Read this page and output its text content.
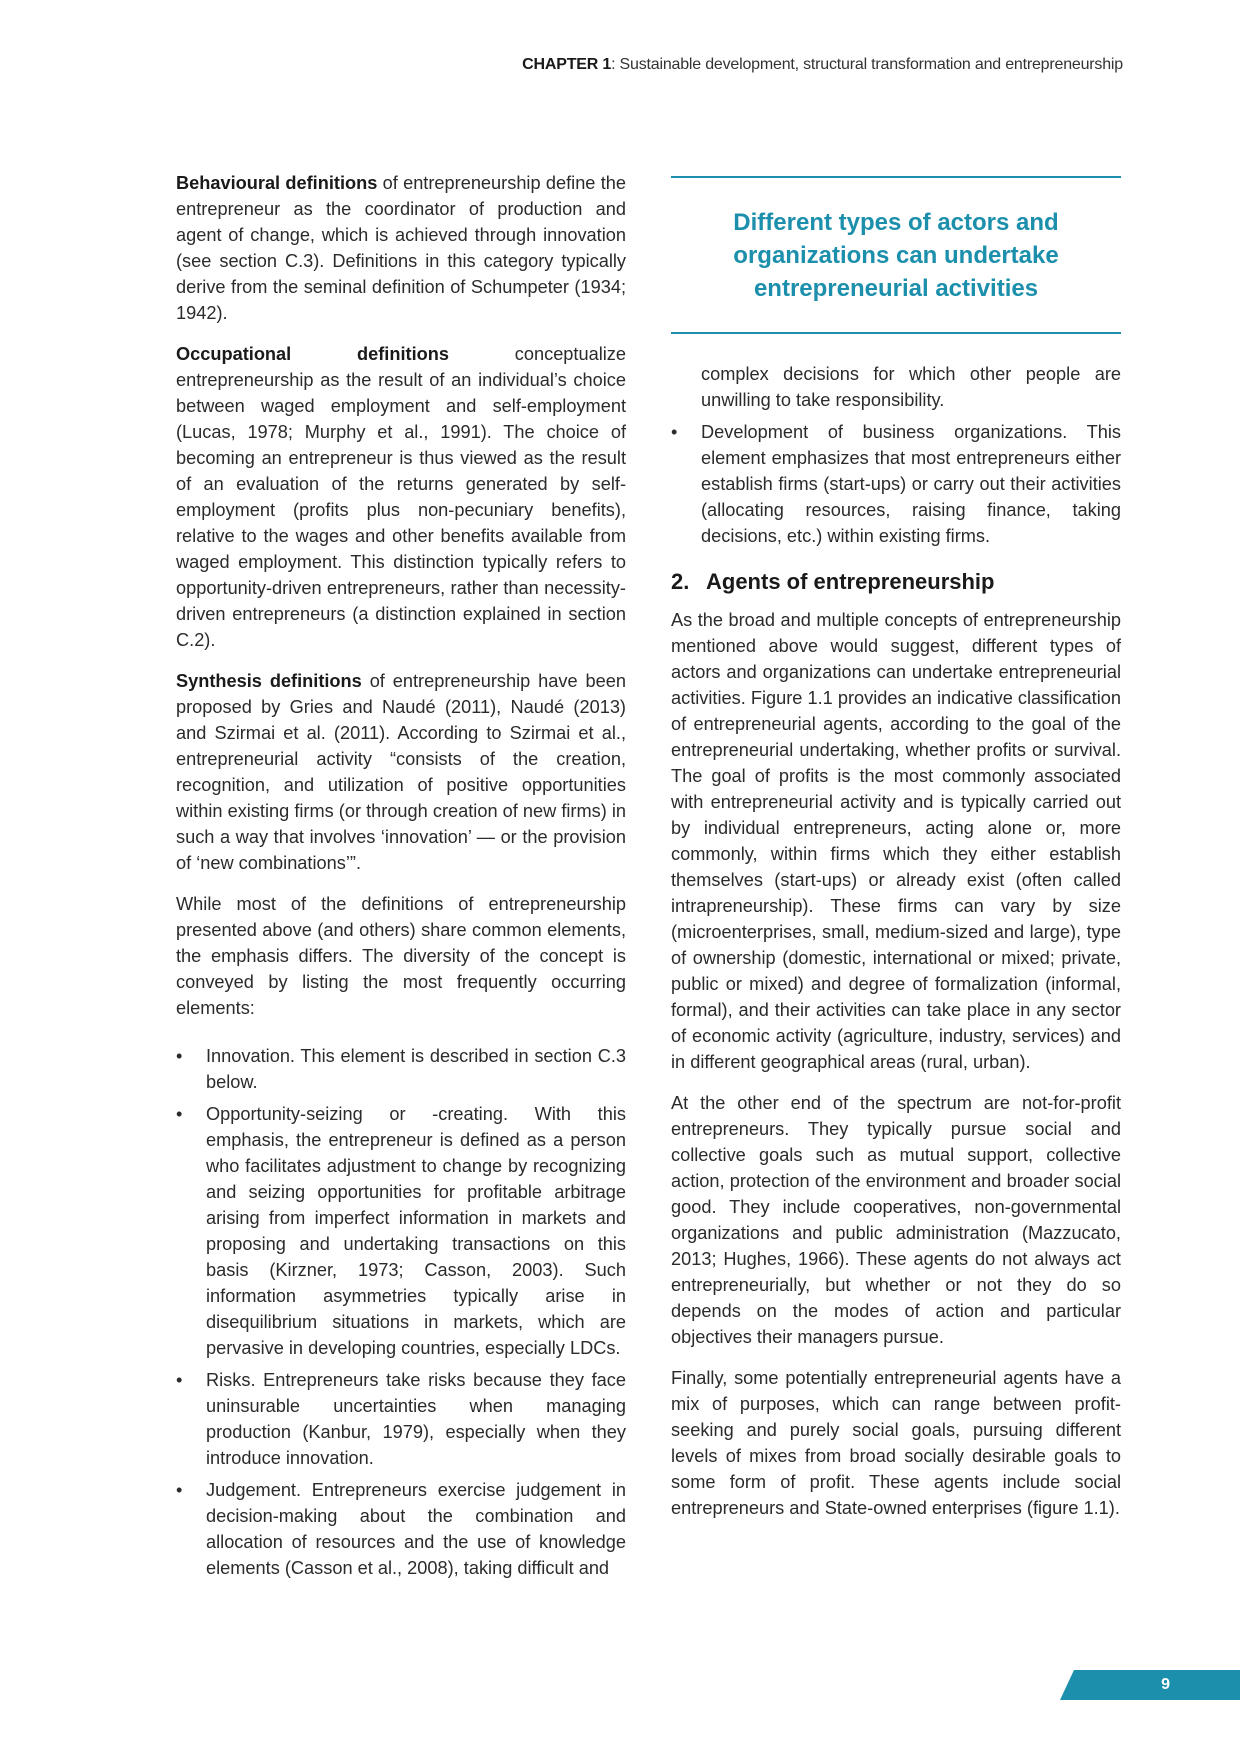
CHAPTER 1: Sustainable development, structural transformation and entrepreneurship

Behavioural definitions of entrepreneurship define the entrepreneur as the coordinator of production and agent of change, which is achieved through innovation (see section C.3). Definitions in this category typically derive from the seminal definition of Schumpeter (1934; 1942).

Occupational definitions conceptualize entrepreneurship as the result of an individual’s choice between waged employment and self-employment (Lucas, 1978; Murphy et al., 1991). The choice of becoming an entrepreneur is thus viewed as the result of an evaluation of the returns generated by self-employment (profits plus non-pecuniary benefits), relative to the wages and other benefits available from waged employment. This distinction typically refers to opportunity-driven entrepreneurs, rather than necessity-driven entrepreneurs (a distinction explained in section C.2).

Synthesis definitions of entrepreneurship have been proposed by Gries and Naudé (2011), Naudé (2013) and Szirmai et al. (2011). According to Szirmai et al., entrepreneurial activity “consists of the creation, recognition, and utilization of positive opportunities within existing firms (or through creation of new firms) in such a way that involves ‘innovation’ — or the provision of ‘new combinations’”.

While most of the definitions of entrepreneurship presented above (and others) share common elements, the emphasis differs. The diversity of the concept is conveyed by listing the most frequently occurring elements:

• Innovation. This element is described in section C.3 below.
• Opportunity-seizing or -creating. With this emphasis, the entrepreneur is defined as a person who facilitates adjustment to change by recognizing and seizing opportunities for profitable arbitrage arising from imperfect information in markets and proposing and undertaking transactions on this basis (Kirzner, 1973; Casson, 2003). Such information asymmetries typically arise in disequilibrium situations in markets, which are pervasive in developing countries, especially LDCs.
• Risks. Entrepreneurs take risks because they face uninsurable uncertainties when managing production (Kanbur, 1979), especially when they introduce innovation.
• Judgement. Entrepreneurs exercise judgement in decision-making about the combination and allocation of resources and the use of knowledge elements (Casson et al., 2008), taking difficult and
Different types of actors and organizations can undertake entrepreneurial activities
complex decisions for which other people are unwilling to take responsibility.
• Development of business organizations. This element emphasizes that most entrepreneurs either establish firms (start-ups) or carry out their activities (allocating resources, raising finance, taking decisions, etc.) within existing firms.
2. Agents of entrepreneurship

As the broad and multiple concepts of entrepreneurship mentioned above would suggest, different types of actors and organizations can undertake entrepreneurial activities. Figure 1.1 provides an indicative classification of entrepreneurial agents, according to the goal of the entrepreneurial undertaking, whether profits or survival. The goal of profits is the most commonly associated with entrepreneurial activity and is typically carried out by individual entrepreneurs, acting alone or, more commonly, within firms which they either establish themselves (start-ups) or already exist (often called intrapreneurship). These firms can vary by size (microenterprises, small, medium-sized and large), type of ownership (domestic, international or mixed; private, public or mixed) and degree of formalization (informal, formal), and their activities can take place in any sector of economic activity (agriculture, industry, services) and in different geographical areas (rural, urban).

At the other end of the spectrum are not-for-profit entrepreneurs. They typically pursue social and collective goals such as mutual support, collective action, protection of the environment and broader social good. They include cooperatives, non-governmental organizations and public administration (Mazzucato, 2013; Hughes, 1966). These agents do not always act entrepreneurially, but whether or not they do so depends on the modes of action and particular objectives their managers pursue.

Finally, some potentially entrepreneurial agents have a mix of purposes, which can range between profit-seeking and purely social goals, pursuing different levels of mixes from broad socially desirable goals to some form of profit. These agents include social entrepreneurs and State-owned enterprises (figure 1.1).

9
